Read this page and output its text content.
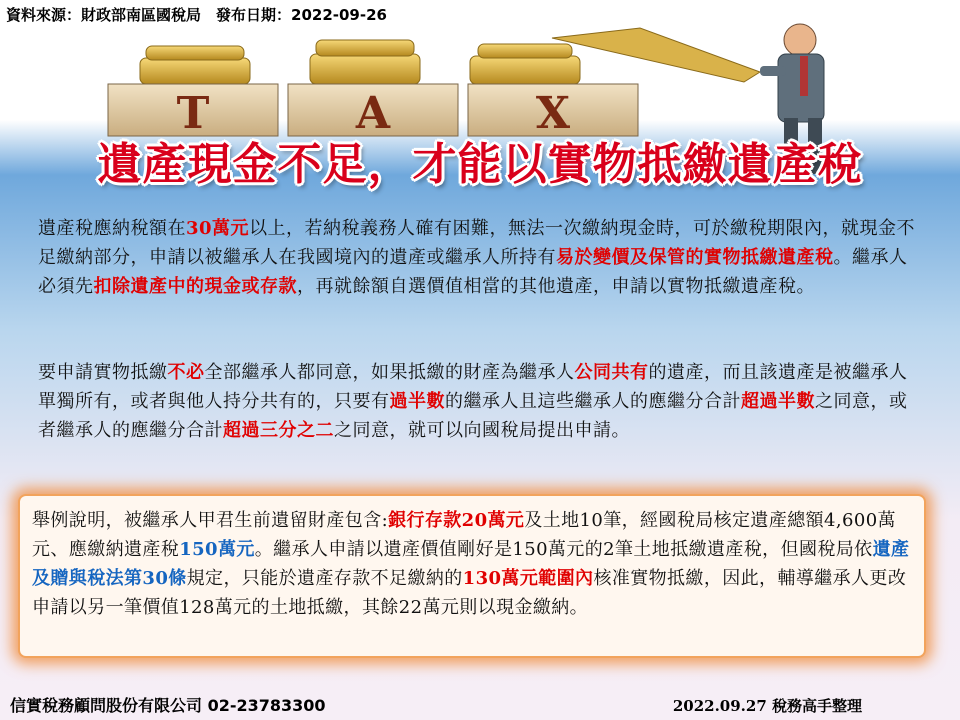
資料來源：財政部南區國稅局　發布日期：2022-09-26
T	A	X
遺產現金不足，才能以實物抵繳遺產稅
遺產稅應納稅額在30萬元以上，若納稅義務人確有困難，無法一次繳納現金時，可於繳稅期限內，就現金不足繳納部分，申請以被繼承人在我國境內的遺產或繼承人所持有易於變價及保管的實物抵繳遺產稅。繼承人必須先扣除遺產中的現金或存款，再就餘額自選價值相當的其他遺產，申請以實物抵繳遺產稅。
要申請實物抵繳不必全部繼承人都同意，如果抵繳的財產為繼承人公同共有的遺產，而且該遺產是被繼承人單獨所有，或者與他人持分共有的，只要有過半數的繼承人且這些繼承人的應繼分合計超過半數之同意，或者繼承人的應繼分合計超過三分之二之同意，就可以向國稅局提出申請。
舉例說明，被繼承人甲君生前遺留財產包含:銀行存款20萬元及土地10筆，經國稅局核定遺產總額4,600萬元、應繳納遺產稅150萬元。繼承人申請以遺產價值剛好是150萬元的2筆土地抵繳遺產稅，但國稅局依遺產及贈與稅法第30條規定，只能於遺產存款不足繳納的130萬元範圍內核准實物抵繳，因此，輔導繼承人更改申請以另一筆價值128萬元的土地抵繳，其餘22萬元則以現金繳納。
信實稅務顧問股份有限公司 02-23783300	2022.09.27 稅務高手整理
